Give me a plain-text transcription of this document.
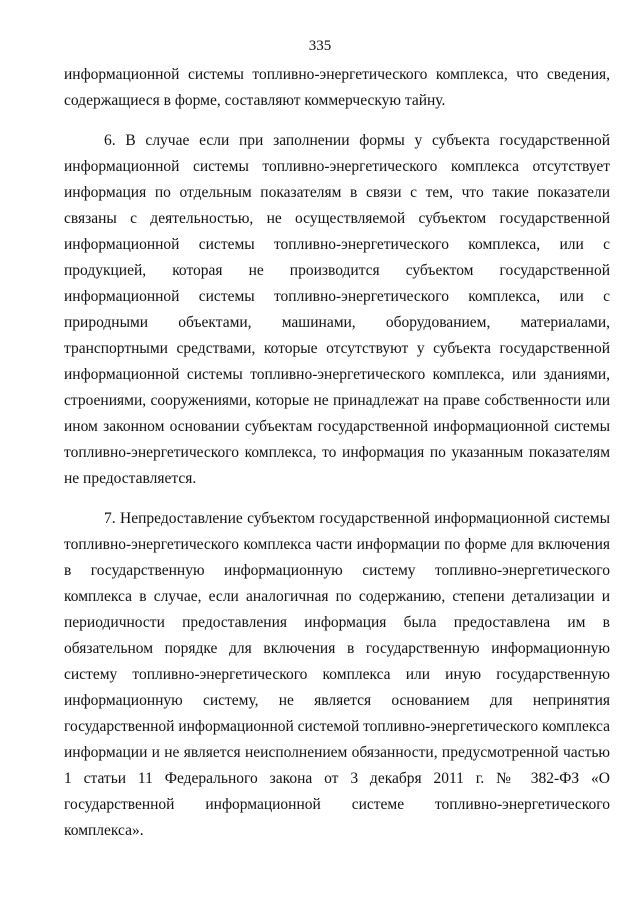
335

информационной системы топливно-энергетического комплекса, что сведения, содержащиеся в форме, составляют коммерческую тайну.

6. В случае если при заполнении формы у субъекта государственной информационной системы топливно-энергетического комплекса отсутствует информация по отдельным показателям в связи с тем, что такие показатели связаны с деятельностью, не осуществляемой субъектом государственной информационной системы топливно-энергетического комплекса, или с продукцией, которая не производится субъектом государственной информационной системы топливно-энергетического комплекса, или с природными объектами, машинами, оборудованием, материалами, транспортными средствами, которые отсутствуют у субъекта государственной информационной системы топливно-энергетического комплекса, или зданиями, строениями, сооружениями, которые не принадлежат на праве собственности или ином законном основании субъектам государственной информационной системы топливно-энергетического комплекса, то информация по указанным показателям не предоставляется.

7. Непредоставление субъектом государственной информационной системы топливно-энергетического комплекса части информации по форме для включения в государственную информационную систему топливно-энергетического комплекса в случае, если аналогичная по содержанию, степени детализации и периодичности предоставления информация была предоставлена им в обязательном порядке для включения в государственную информационную систему топливно-энергетического комплекса или иную государственную информационную систему, не является основанием для непринятия государственной информационной системой топливно-энергетического комплекса информации и не является неисполнением обязанности, предусмотренной частью 1 статьи 11 Федерального закона от 3 декабря 2011 г. № 382-ФЗ «О государственной информационной системе топливно-энергетического комплекса».
